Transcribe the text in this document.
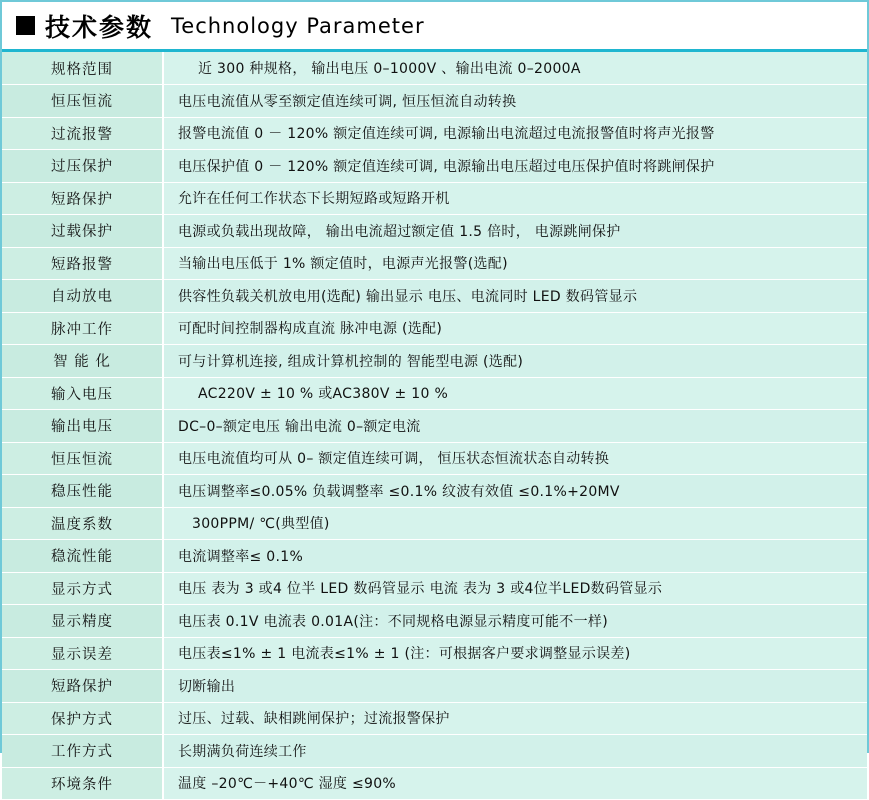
技术参数 Technology Parameter
规格范围	近 300 种规格， 输出电压 0–1000V 、输出电流 0–2000A
恒压恒流	电压电流值从零至额定值连续可调, 恒压恒流自动转换
过流报警	报警电流值 0 － 120% 额定值连续可调, 电源输出电流超过电流报警值时将声光报警
过压保护	电压保护值 0 － 120% 额定值连续可调, 电源输出电压超过电压保护值时将跳闸保护
短路保护	允许在任何工作状态下长期短路或短路开机
过载保护	电源或负载出现故障， 输出电流超过额定值 1.5 倍时， 电源跳闸保护
短路报警	当输出电压低于 1% 额定值时，电源声光报警(选配)
自动放电	供容性负载关机放电用(选配) 输出显示 电压、电流同时 LED 数码管显示
脉冲工作	可配时间控制器构成直流 脉冲电源 (选配)
智 能 化	可与计算机连接, 组成计算机控制的 智能型电源 (选配)
输入电压	AC220V ± 10 % 或AC380V ± 10 %
输出电压	DC–0–额定电压 输出电流 0–额定电流
恒压恒流	电压电流值均可从 0– 额定值连续可调， 恒压状态恒流状态自动转换
稳压性能	电压调整率≤0.05% 负载调整率 ≤0.1% 纹波有效值 ≤0.1%+20MV
温度系数	300PPM/ ℃(典型值)
稳流性能	电流调整率≤ 0.1%
显示方式	电压 表为 3 或4 位半 LED 数码管显示 电流 表为 3 或4位半LED数码管显示
显示精度	电压表 0.1V 电流表 0.01A(注：不同规格电源显示精度可能不一样)
显示误差	电压表≤1% ± 1 电流表≤1% ± 1 (注：可根据客户要求调整显示误差)
短路保护	切断输出
保护方式	过压、过载、缺相跳闸保护；过流报警保护
工作方式	长期满负荷连续工作
环境条件	温度 –20℃－+40℃ 湿度 ≤90%
